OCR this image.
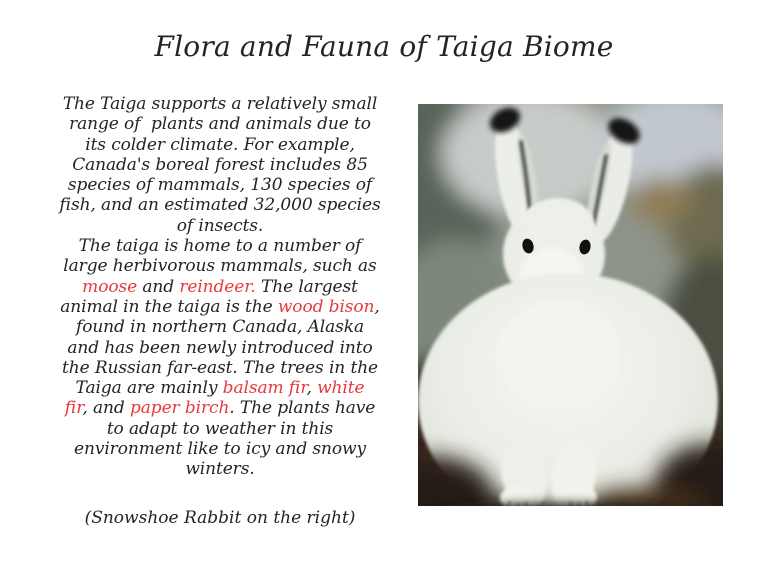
Flora and Fauna of Taiga Biome
The Taiga supports a relatively small
range of  plants and animals due to
its colder climate. For example,
Canada's boreal forest includes 85
species of mammals, 130 species of
fish, and an estimated 32,000 species
of insects.
The taiga is home to a number of
large herbivorous mammals, such as
moose and reindeer. The largest
animal in the taiga is the wood bison,
found in northern Canada, Alaska
and has been newly introduced into
the Russian far-east. The trees in the
Taiga are mainly balsam fir, white
fir, and paper birch. The plants have
to adapt to weather in this
environment like to icy and snowy
winters.
(Snowshoe Rabbit on the right)
